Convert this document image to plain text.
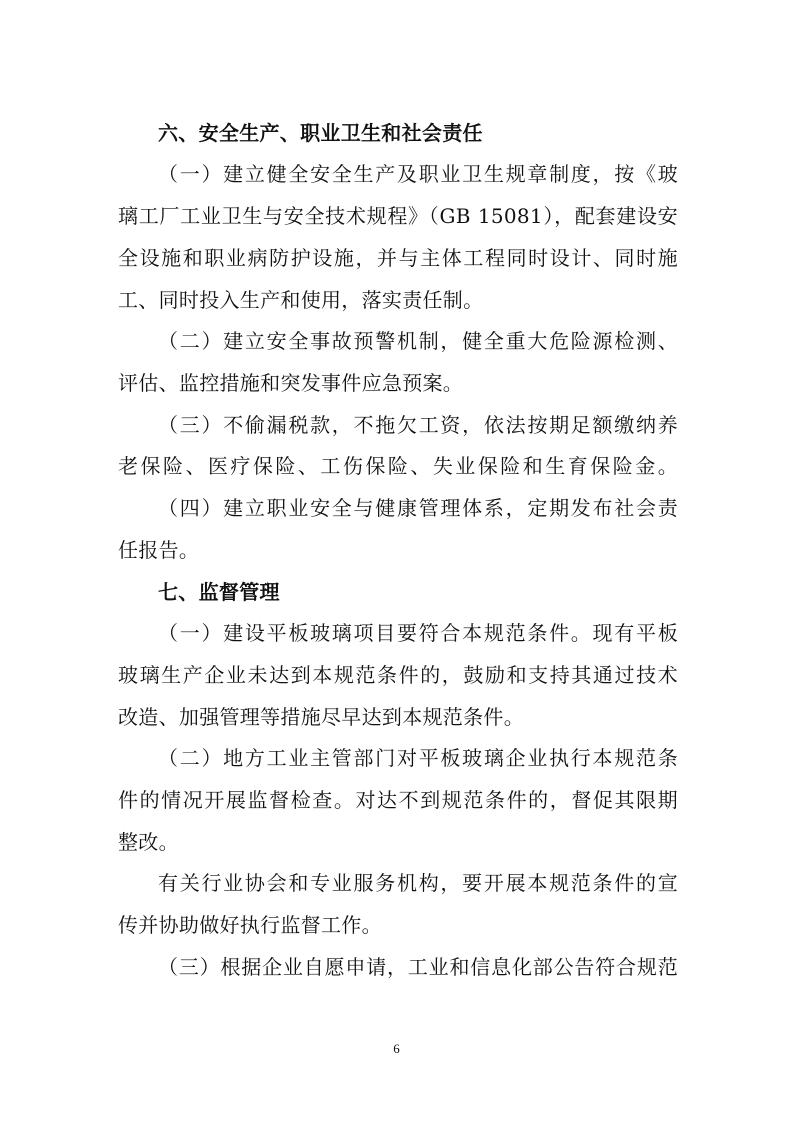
六、安全生产、职业卫生和社会责任
（一）建立健全安全生产及职业卫生规章制度，按《玻
璃工厂工业卫生与安全技术规程》（GB 15081），配套建设安
全设施和职业病防护设施，并与主体工程同时设计、同时施
工、同时投入生产和使用，落实责任制。
（二）建立安全事故预警机制，健全重大危险源检测、
评估、监控措施和突发事件应急预案。
（三）不偷漏税款，不拖欠工资，依法按期足额缴纳养
老保险、医疗保险、工伤保险、失业保险和生育保险金。
（四）建立职业安全与健康管理体系，定期发布社会责
任报告。
七、监督管理
（一）建设平板玻璃项目要符合本规范条件。现有平板
玻璃生产企业未达到本规范条件的，鼓励和支持其通过技术
改造、加强管理等措施尽早达到本规范条件。
（二）地方工业主管部门对平板玻璃企业执行本规范条
件的情况开展监督检查。对达不到规范条件的，督促其限期
整改。
有关行业协会和专业服务机构，要开展本规范条件的宣
传并协助做好执行监督工作。
（三）根据企业自愿申请，工业和信息化部公告符合规范
6
